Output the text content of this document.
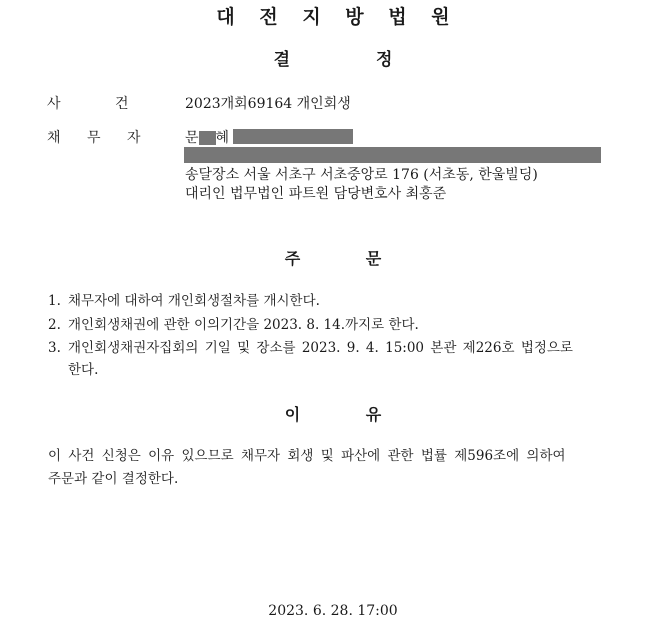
대 전 지 방 법 원
결 정
사 건	2023개회69164 개인회생
채 무 자	문 혜
송달장소 서울 서초구 서초중앙로 176 (서초동, 한울빌딩)
대리인 법무법인 파트원 담당변호사 최홍준
주 문
1. 채무자에 대하여 개인회생절차를 개시한다.
2. 개인회생채권에 관한 이의기간을 2023. 8. 14.까지로 한다.
3. 개인회생채권자집회의 기일 및 장소를 2023. 9. 4. 15:00 본관 제226호 법정으로
한다.
이 유
이 사건 신청은 이유 있으므로 채무자 회생 및 파산에 관한 법률 제596조에 의하여
주문과 같이 결정한다.
2023. 6. 28. 17:00
